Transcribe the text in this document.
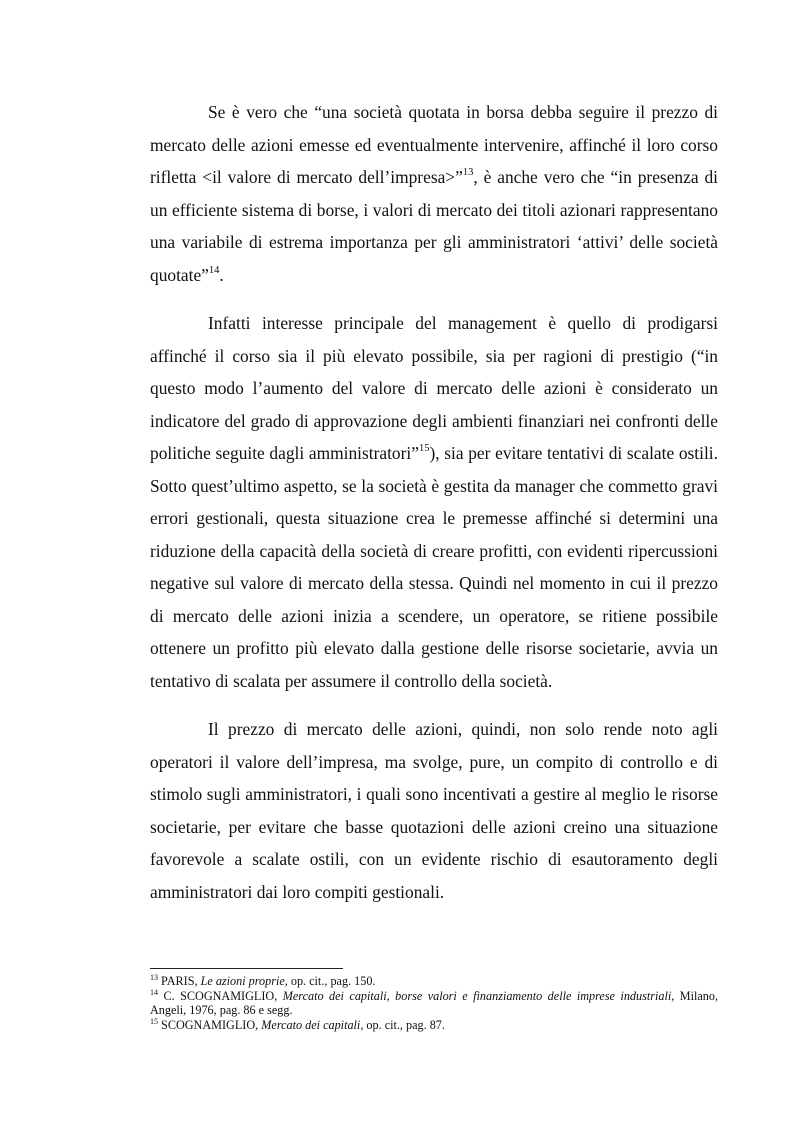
Se è vero che “una società quotata in borsa debba seguire il prezzo di mercato delle azioni emesse ed eventualmente intervenire, affinché il loro corso rifletta <il valore di mercato dell’impresa>”$^{13}$, è anche vero che “in presenza di un efficiente sistema di borse, i valori di mercato dei titoli azionari rappresentano una variabile di estrema importanza per gli amministratori ‘attivi’ delle società quotate”$^{14}$.

Infatti interesse principale del management è quello di prodigarsi affinché il corso sia il più elevato possibile, sia per ragioni di prestigio (“in questo modo l’aumento del valore di mercato delle azioni è considerato un indicatore del grado di approvazione degli ambienti finanziari nei confronti delle politiche seguite dagli amministratori”$^{15}$), sia per evitare tentativi di scalate ostili. Sotto quest’ultimo aspetto, se la società è gestita da manager che commetto gravi errori gestionali, questa situazione crea le premesse affinché si determini una riduzione della capacità della società di creare profitti, con evidenti ripercussioni negative sul valore di mercato della stessa. Quindi nel momento in cui il prezzo di mercato delle azioni inizia a scendere, un operatore, se ritiene possibile ottenere un profitto più elevato dalla gestione delle risorse societarie, avvia un tentativo di scalata per assumere il controllo della società.

Il prezzo di mercato delle azioni, quindi, non solo rende noto agli operatori il valore dell’impresa, ma svolge, pure, un compito di controllo e di stimolo sugli amministratori, i quali sono incentivati a gestire al meglio le risorse societarie, per evitare che basse quotazioni delle azioni creino una situazione favorevole a scalate ostili, con un evidente rischio di esautoramento degli amministratori dai loro compiti gestionali.

$^{13}$ PARIS, Le azioni proprie, op. cit., pag. 150.

$^{14}$ C. SCOGNAMIGLIO, Mercato dei capitali, borse valori e finanziamento delle imprese industriali, Milano, Angeli, 1976, pag. 86 e segg.

$^{15}$ SCOGNAMIGLIO, Mercato dei capitali, op. cit., pag. 87.
